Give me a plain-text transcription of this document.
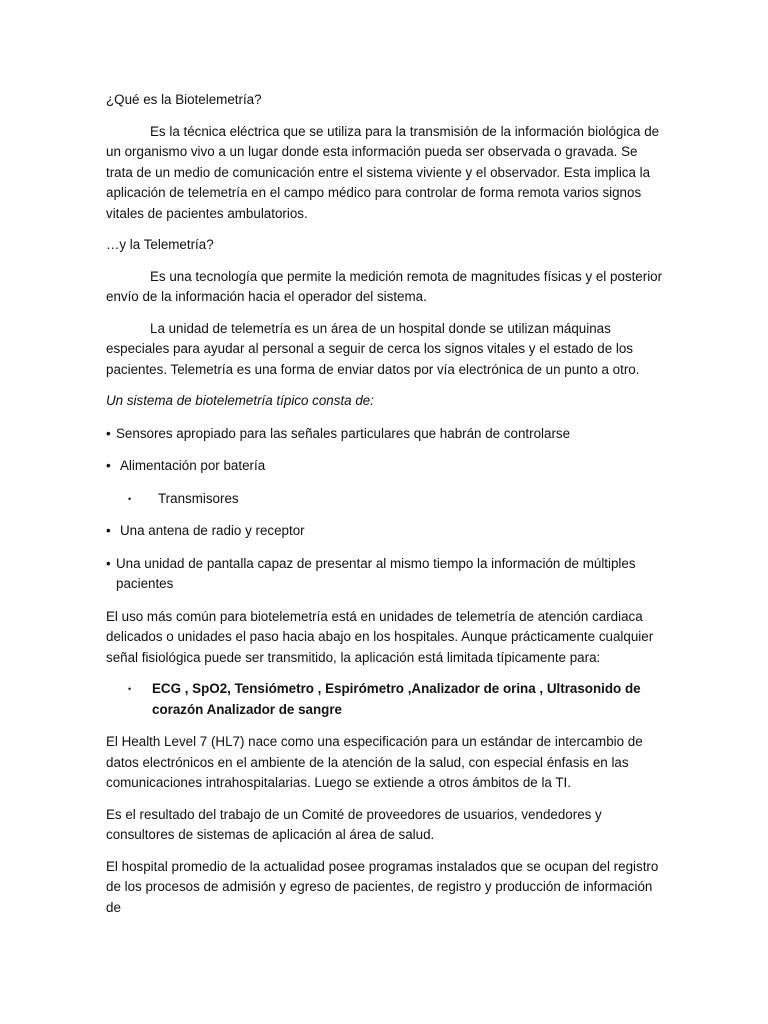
¿Qué es la Biotelemetría?

Es la técnica eléctrica que se utiliza para la transmisión de la información biológica de un organismo vivo a un lugar donde esta información pueda ser observada o gravada. Se trata de un medio de comunicación entre el sistema viviente y el observador. Esta implica la aplicación de telemetría en el campo médico para controlar de forma remota varios signos vitales de pacientes ambulatorios.

…y la Telemetría?

Es una tecnología que permite la medición remota de magnitudes físicas y el posterior envío de la información hacia el operador del sistema.

La unidad de telemetría es un área de un hospital donde se utilizan máquinas especiales para ayudar al personal a seguir de cerca los signos vitales y el estado de los pacientes. Telemetría es una forma de enviar datos por vía electrónica de un punto a otro.

Un sistema de biotelemetría típico consta de:

• Sensores apropiado para las señales particulares que habrán de controlarse
• Alimentación por batería
•	Transmisores
• Una antena de radio y receptor
• Una unidad de pantalla capaz de presentar al mismo tiempo la información de múltiples pacientes

El uso más común para biotelemetría está en unidades de telemetría de atención cardiaca delicados o unidades el paso hacia abajo en los hospitales. Aunque prácticamente cualquier señal fisiológica puede ser transmitido, la aplicación está limitada típicamente para:

•	ECG , SpO2, Tensiómetro , Espirómetro ,Analizador de orina , Ultrasonido de corazón Analizador de sangre

El Health Level 7 (HL7) nace como una especificación para un estándar de intercambio de datos electrónicos en el ambiente de la atención de la salud, con especial énfasis en las comunicaciones intrahospitalarias. Luego se extiende a otros ámbitos de la TI.

Es el resultado del trabajo de un Comité de proveedores de usuarios, vendedores y consultores de sistemas de aplicación al área de salud.

El hospital promedio de la actualidad posee programas instalados que se ocupan del registro de los procesos de admisión y egreso de pacientes, de registro y producción de información de
